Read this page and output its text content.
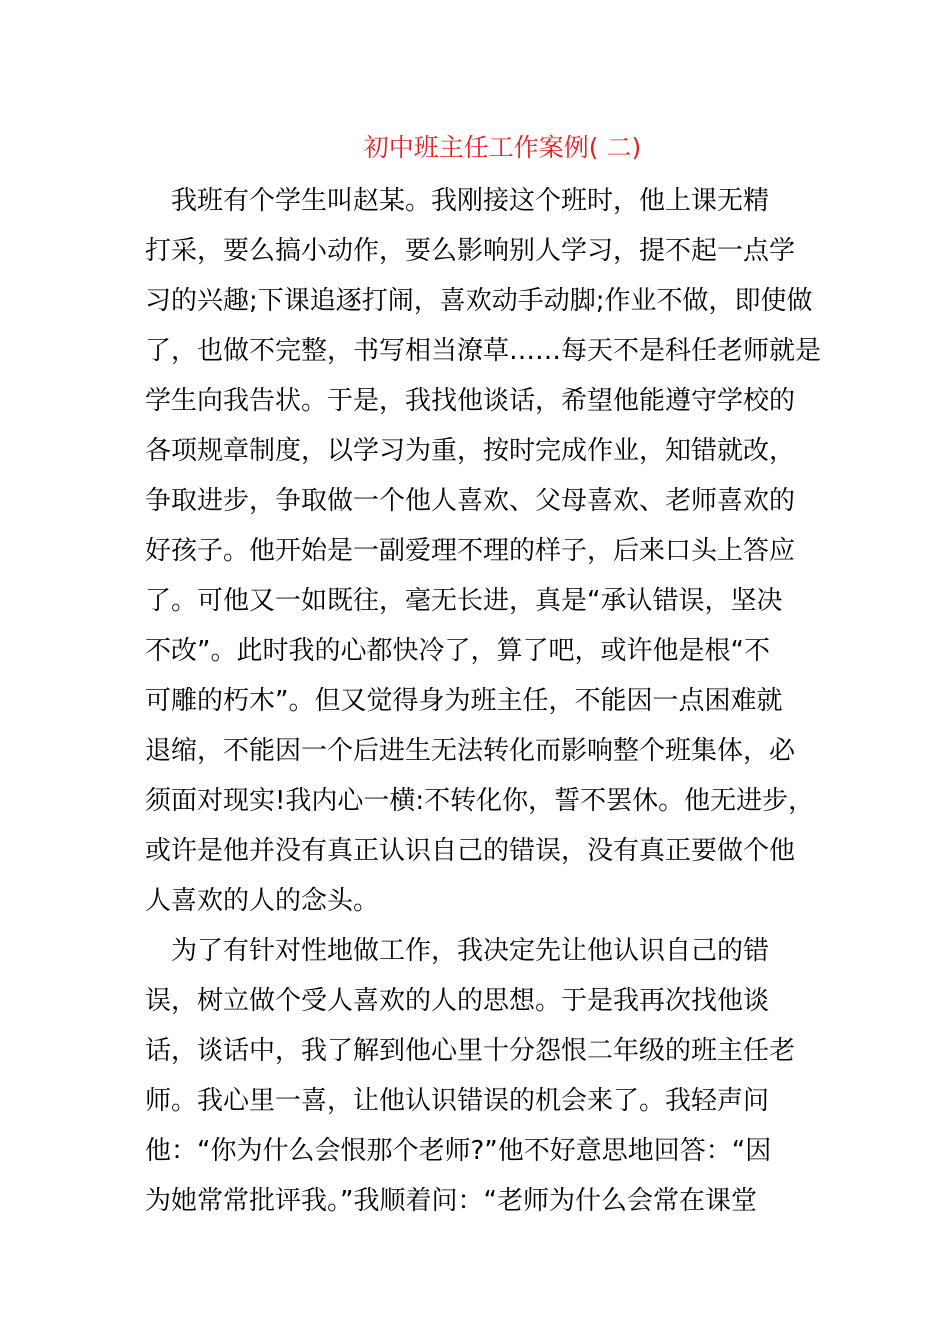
初中班主任工作案例( 二)
　我班有个学生叫赵某。我刚接这个班时，他上课无精
打采，要么搞小动作，要么影响别人学习，提不起一点学
习的兴趣;下课追逐打闹，喜欢动手动脚;作业不做，即使做
了，也做不完整，书写相当潦草……每天不是科任老师就是
学生向我告状。于是，我找他谈话，希望他能遵守学校的
各项规章制度，以学习为重，按时完成作业，知错就改，
争取进步，争取做一个他人喜欢、父母喜欢、老师喜欢的
好孩子。他开始是一副爱理不理的样子，后来口头上答应
了。可他又一如既往，毫无长进，真是“承认错误，坚决
不改”。此时我的心都快冷了，算了吧，或许他是根“不
可雕的朽木”。但又觉得身为班主任，不能因一点困难就
退缩，不能因一个后进生无法转化而影响整个班集体，必
须面对现实!我内心一横:不转化你，誓不罢休。他无进步，
或许是他并没有真正认识自己的错误，没有真正要做个他
人喜欢的人的念头。
　为了有针对性地做工作，我决定先让他认识自己的错
误，树立做个受人喜欢的人的思想。于是我再次找他谈
话，谈话中，我了解到他心里十分怨恨二年级的班主任老
师。我心里一喜，让他认识错误的机会来了。我轻声问
他：“你为什么会恨那个老师?”他不好意思地回答：“因
为她常常批评我。”我顺着问：“老师为什么会常在课堂
